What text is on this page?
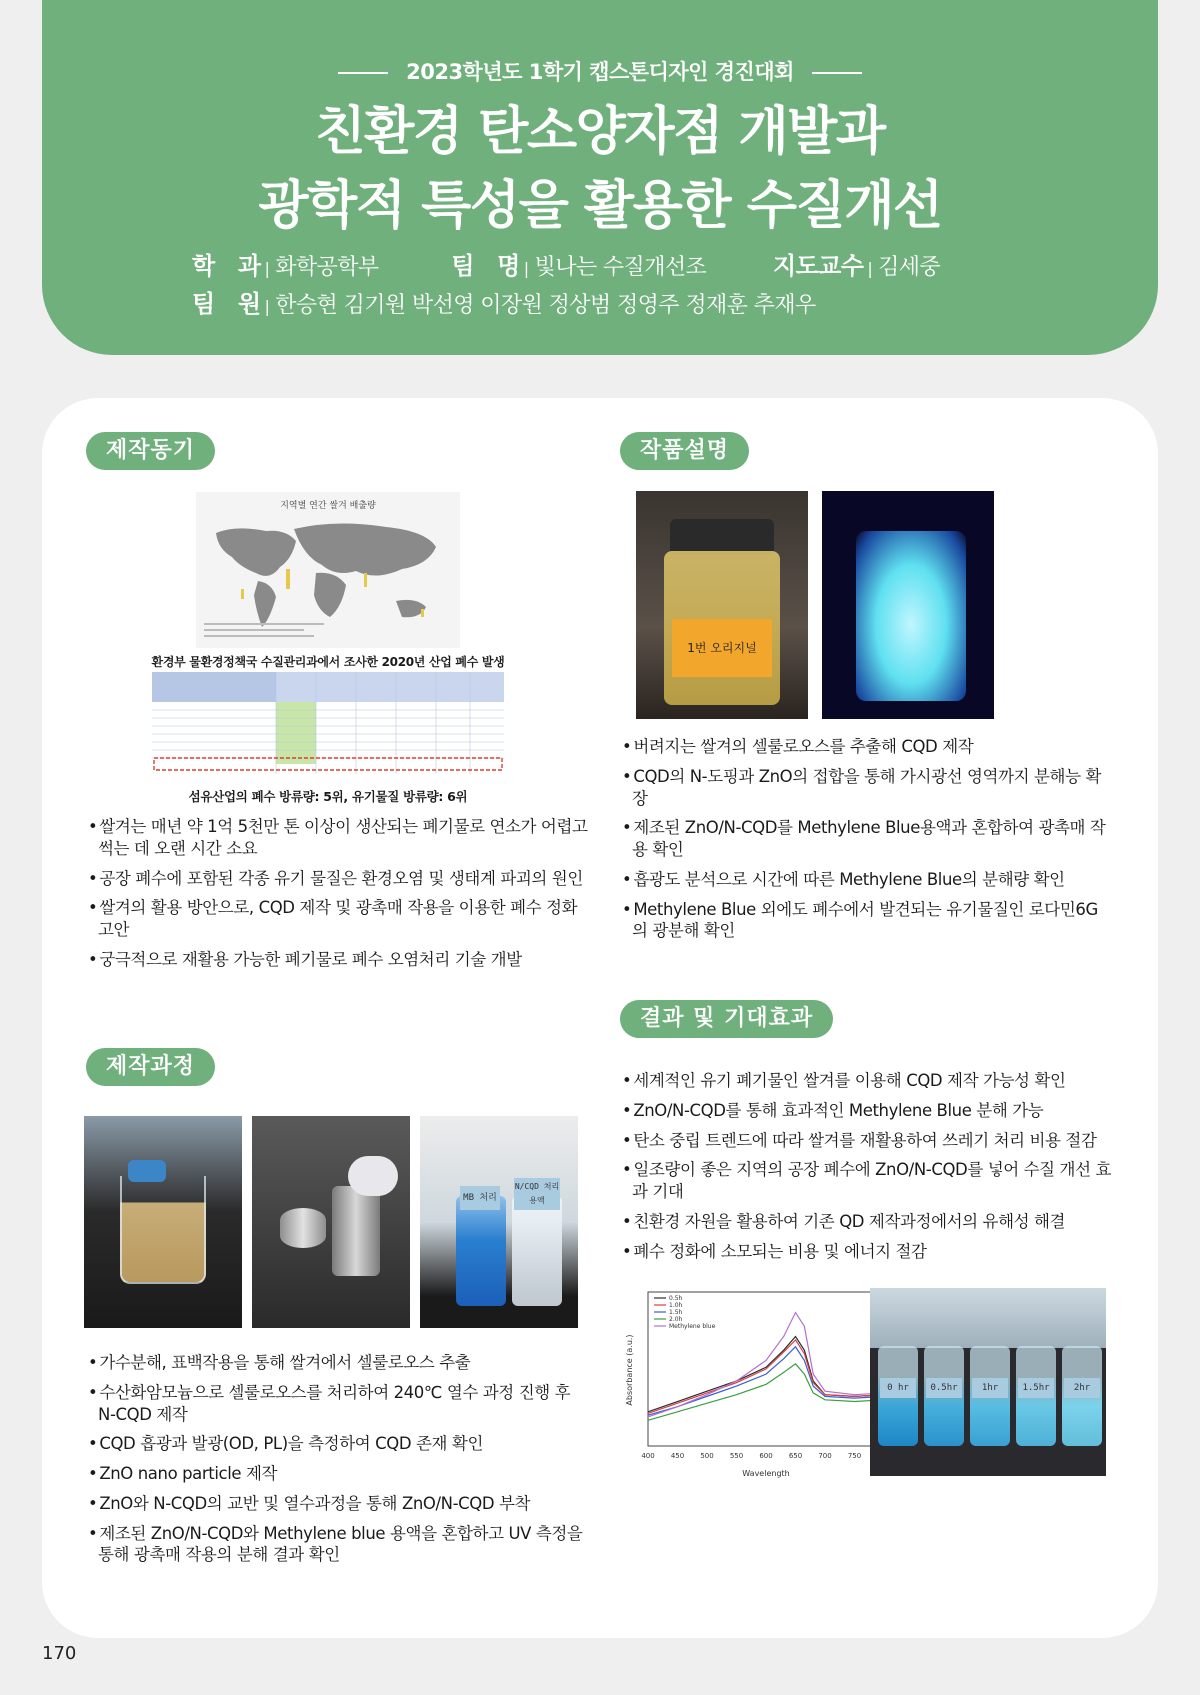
2023학년도 1학기 캡스톤디자인 경진대회
친환경 탄소양자점 개발과
광학적 특성을 활용한 수질개선
학   과 | 화학공학부	팀   명 | 빛나는 수질개선조	지도교수 | 김세중
팀   원 | 한승현 김기원 박선영 이장원 정상범 정영주 정재훈 추재우
제작동기
지역별 연간 쌀겨 배출량
환경부 물환경정책국 수질관리과에서 조사한 2020년 산업 폐수 발생
섬유산업의 폐수 방류량: 5위, 유기물질 방류량: 6위
• 쌀겨는 매년 약 1억 5천만 톤 이상이 생산되는 폐기물로 연소가 어렵고 썩는 데 오랜 시간 소요
• 공장 폐수에 포함된 각종 유기 물질은 환경오염 및 생태계 파괴의 원인
• 쌀겨의 활용 방안으로, CQD 제작 및 광촉매 작용을 이용한 폐수 정화 고안
• 궁극적으로 재활용 가능한 폐기물로 폐수 오염처리 기술 개발
작품설명
1번 오리지널
• 버려지는 쌀겨의 셀룰로오스를 추출해 CQD 제작
• CQD의 N-도핑과 ZnO의 접합을 통해 가시광선 영역까지 분해능 확장
• 제조된 ZnO/N-CQD를 Methylene Blue용액과 혼합하여 광촉매 작용 확인
• 흡광도 분석으로 시간에 따른 Methylene Blue의 분해량 확인
• Methylene Blue 외에도 폐수에서 발견되는 유기물질인 로다민6G의 광분해 확인
결과 및 기대효과
• 세계적인 유기 폐기물인 쌀겨를 이용해 CQD 제작 가능성 확인
• ZnO/N-CQD를 통해 효과적인 Methylene Blue 분해 가능
• 탄소 중립 트렌드에 따라 쌀겨를 재활용하여 쓰레기 처리 비용 절감
• 일조량이 좋은 지역의 공장 폐수에 ZnO/N-CQD를 넣어 수질 개선 효과 기대
• 친환경 자원을 활용하여 기존 QD 제작과정에서의 유해성 해결
• 폐수 정화에 소모되는 비용 및 에너지 절감
Absorbance (a.u.)
Wavelength
400 450 500 550 600 650 700 750
0.5h
1.0h
1.5h
2.0h
Methylene blue
0 hr	0.5hr	1hr	1.5hr	2hr
제작과정
MB 처리
N/CQD 처리 용액
• 가수분해, 표백작용을 통해 쌀겨에서 셀룰로오스 추출
• 수산화암모늄으로 셀룰로오스를 처리하여 240℃ 열수 과정 진행 후 N-CQD 제작
• CQD 흡광과 발광(OD, PL)을 측정하여 CQD 존재 확인
• ZnO nano particle 제작
• ZnO와 N-CQD의 교반 및 열수과정을 통해 ZnO/N-CQD 부착
• 제조된 ZnO/N-CQD와 Methylene blue 용액을 혼합하고 UV 측정을 통해 광촉매 작용의 분해 결과 확인
170
